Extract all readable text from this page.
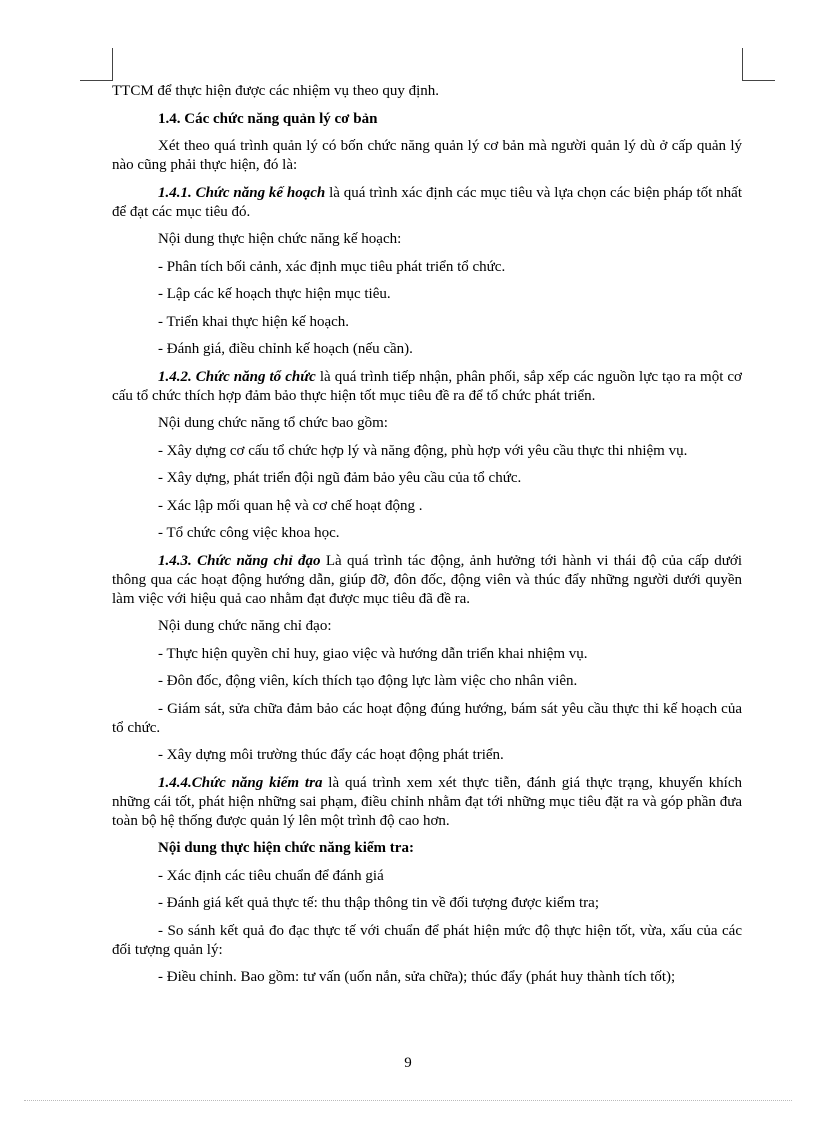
TTCM để thực hiện được các nhiệm vụ theo quy định.

1.4. Các chức năng quản lý cơ bản

Xét theo quá trình quản lý có bốn chức năng quản lý cơ bản mà người quản lý dù ở cấp quản lý nào cũng phải thực hiện, đó là:

1.4.1. Chức năng kế hoạch là quá trình xác định các mục tiêu và lựa chọn các biện pháp tốt nhất để đạt các mục tiêu đó.

Nội dung thực hiện chức năng kế hoạch:

- Phân tích bối cảnh, xác định mục tiêu phát triển tổ chức.

- Lập các kế hoạch thực hiện mục tiêu.

- Triển khai thực hiện kế hoạch.

- Đánh giá, điều chỉnh kế hoạch (nếu cần).

1.4.2. Chức năng tổ chức là quá trình tiếp nhận, phân phối, sắp xếp các nguồn lực tạo ra một cơ cấu tổ chức thích hợp đảm bảo thực hiện tốt mục tiêu đề ra để tổ chức phát triển.

Nội dung chức năng tổ chức bao gồm:

- Xây dựng cơ cấu tổ chức hợp lý và năng động, phù hợp với yêu cầu thực thi nhiệm vụ.

- Xây dựng, phát triển đội ngũ đảm bảo yêu cầu của tổ chức.

- Xác lập mối quan hệ và cơ chế hoạt động .

- Tổ chức công việc khoa học.

1.4.3. Chức năng chỉ đạo Là quá trình tác động, ảnh hưởng tới hành vi thái độ của cấp dưới thông qua các hoạt động hướng dẫn, giúp đỡ, đôn đốc, động viên và thúc đẩy những người dưới quyền làm việc với hiệu quả cao nhằm đạt được mục tiêu đã đề ra.

Nội dung chức năng chỉ đạo:

- Thực hiện quyền chỉ huy, giao việc và hướng dẫn triển khai nhiệm vụ.

- Đôn đốc, động viên, kích thích tạo động lực làm việc cho nhân viên.

- Giám sát, sửa chữa đảm bảo các hoạt động đúng hướng, bám sát yêu cầu thực thi kế hoạch của tổ chức.

- Xây dựng môi trường thúc đẩy các hoạt động phát triển.

1.4.4.Chức năng kiểm tra là quá trình xem xét thực tiễn, đánh giá thực trạng, khuyến khích những cái tốt, phát hiện những sai phạm, điều chỉnh nhằm đạt tới những mục tiêu đặt ra và góp phần đưa toàn bộ hệ thống được quản lý lên một trình độ cao hơn.

Nội dung thực hiện chức năng kiểm tra:

- Xác định các tiêu chuẩn để đánh giá

- Đánh giá kết quả thực tế: thu thập thông tin về đối tượng được kiểm tra;

- So sánh kết quả đo đạc thực tế với chuẩn để phát hiện mức độ thực hiện tốt, vừa, xấu của các đối tượng quản lý:

- Điều chỉnh. Bao gồm: tư vấn (uốn nắn, sửa chữa); thúc đẩy (phát huy thành tích tốt);

9
